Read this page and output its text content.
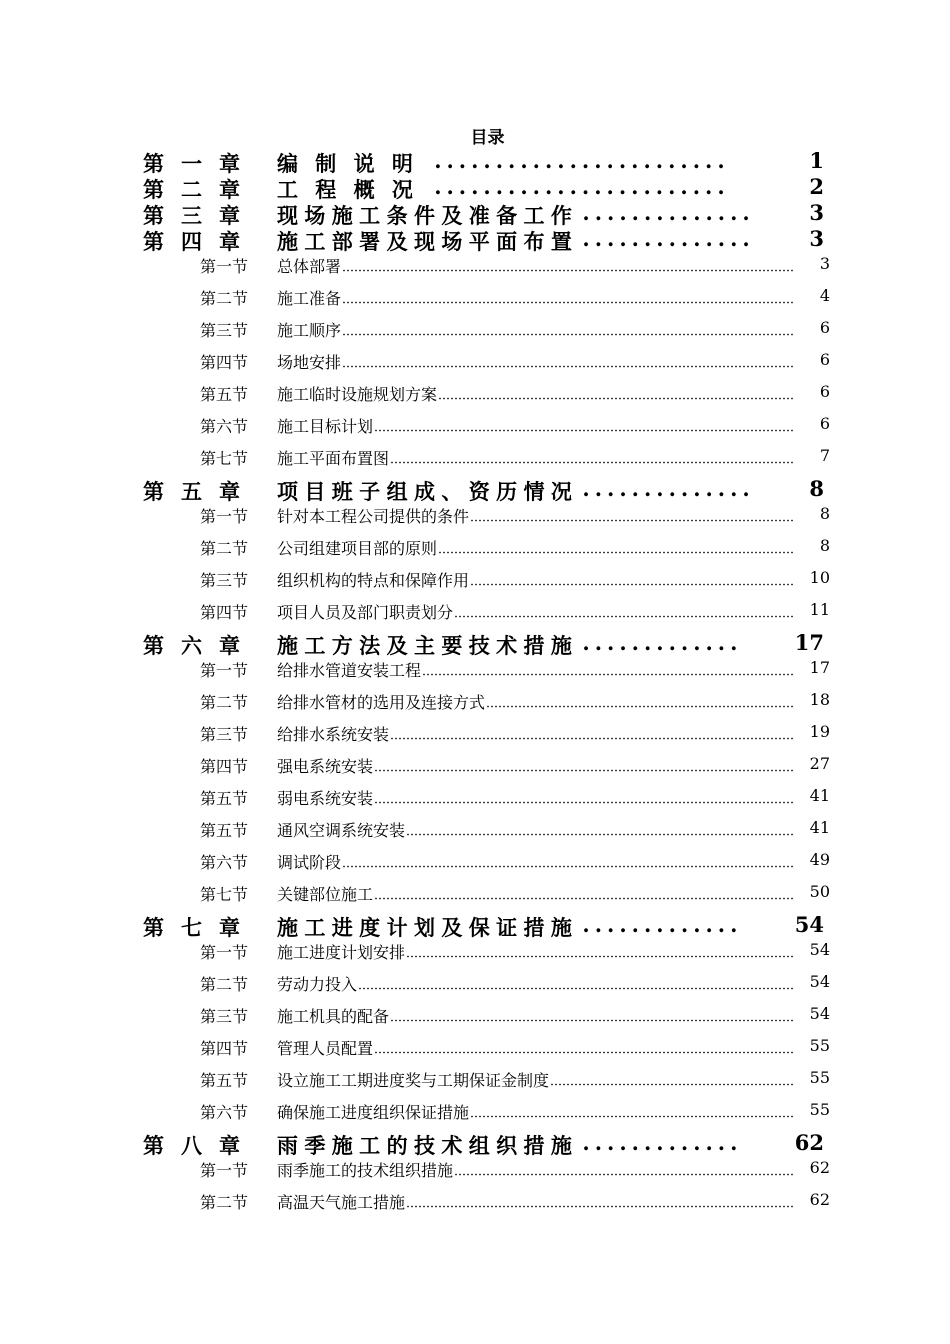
目录
第 一 章	编 制 说 明	........................	1
第 二 章	工 程 概 况	........................	2
第 三 章	现 场 施 工 条 件 及 准 备 工 作 ..............	3
第 四 章	施 工 部 署 及 现 场 平 面 布 置 ..............	3
第一节 总体部署	3
第二节 施工准备	4
第三节 施工顺序	6
第四节 场地安排	6
第五节 施工临时设施规划方案	6
第六节 施工目标计划	6
第七节 施工平面布置图	7
第 五 章	项 目 班 子 组 成 、 资 历 情 况 ..............	8
第一节 针对本工程公司提供的条件	8
第二节 公司组建项目部的原则	8
第三节 组织机构的特点和保障作用	10
第四节 项目人员及部门职责划分	11
第 六 章	施 工 方 法 及 主 要 技 术 措 施 ............. 17
第一节 给排水管道安装工程	17
第二节 给排水管材的选用及连接方式	18
第三节 给排水系统安装	19
第四节 强电系统安装	27
第五节 弱电系统安装	41
第五节 通风空调系统安装	41
第六节 调试阶段	49
第七节 关键部位施工	50
第 七 章	施 工 进 度 计 划 及 保 证 措 施 ............. 54
第一节 施工进度计划安排	54
第二节 劳动力投入	54
第三节 施工机具的配备	54
第四节 管理人员配置	55
第五节 设立施工工期进度奖与工期保证金制度	55
第六节 确保施工进度组织保证措施	55
第 八 章	雨 季 施 工 的 技 术 组 织 措 施 ............. 62
第一节 雨季施工的技术组织措施	62
第二节 高温天气施工措施	62
